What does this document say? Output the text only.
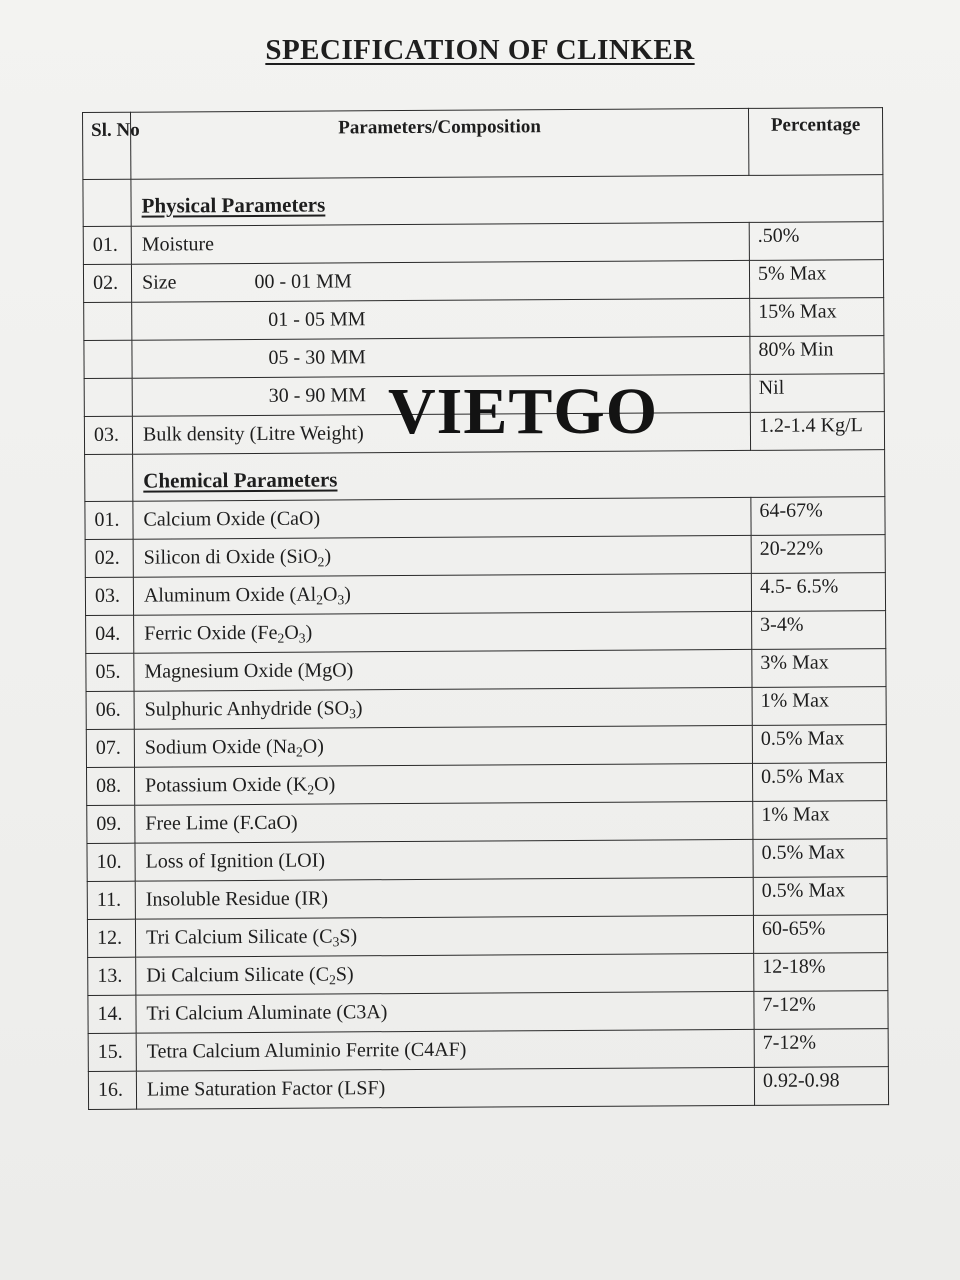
SPECIFICATION OF CLINKER
Sl. No	Parameters/Composition	Percentage
	Physical Parameters	
01.	Moisture	.50%
02.	Size 00 - 01 MM	5% Max
	01 - 05 MM	15% Max
	05 - 30 MM	80% Min
	30 - 90 MM	Nil
03.	Bulk density (Litre Weight)	1.2-1.4 Kg/L
	Chemical Parameters	
01.	Calcium Oxide (CaO)	64-67%
02.	Silicon di Oxide (SiO$_2$)	20-22%
03.	Aluminum Oxide $(Al_2O_3)$	4.5- 6.5%
04.	Ferric Oxide $(Fe_2O_3)$	3-4%
05.	Magnesium Oxide (MgO)	3% Max
06.	Sulphuric Anhydride $(SO_3)$	1% Max
07.	Sodium Oxide $(Na_2O)$	0.5% Max
08.	Potassium Oxide $(K_2O)$	0.5% Max
09.	Free Lime (F.CaO)	1% Max
10.	Loss of Ignition (LOI)	0.5% Max
11.	Insoluble Residue (IR)	0.5% Max
12.	Tri Calcium Silicate $(C_3S)$	60-65%
13.	Di Calcium Silicate $(C_2S)$	12-18%
14.	Tri Calcium Aluminate (C3A)	7-12%
15.	Tetra Calcium Aluminio Ferrite (C4AF)	7-12%
16.	Lime Saturation Factor (LSF)	0.92-0.98
VIETGO
